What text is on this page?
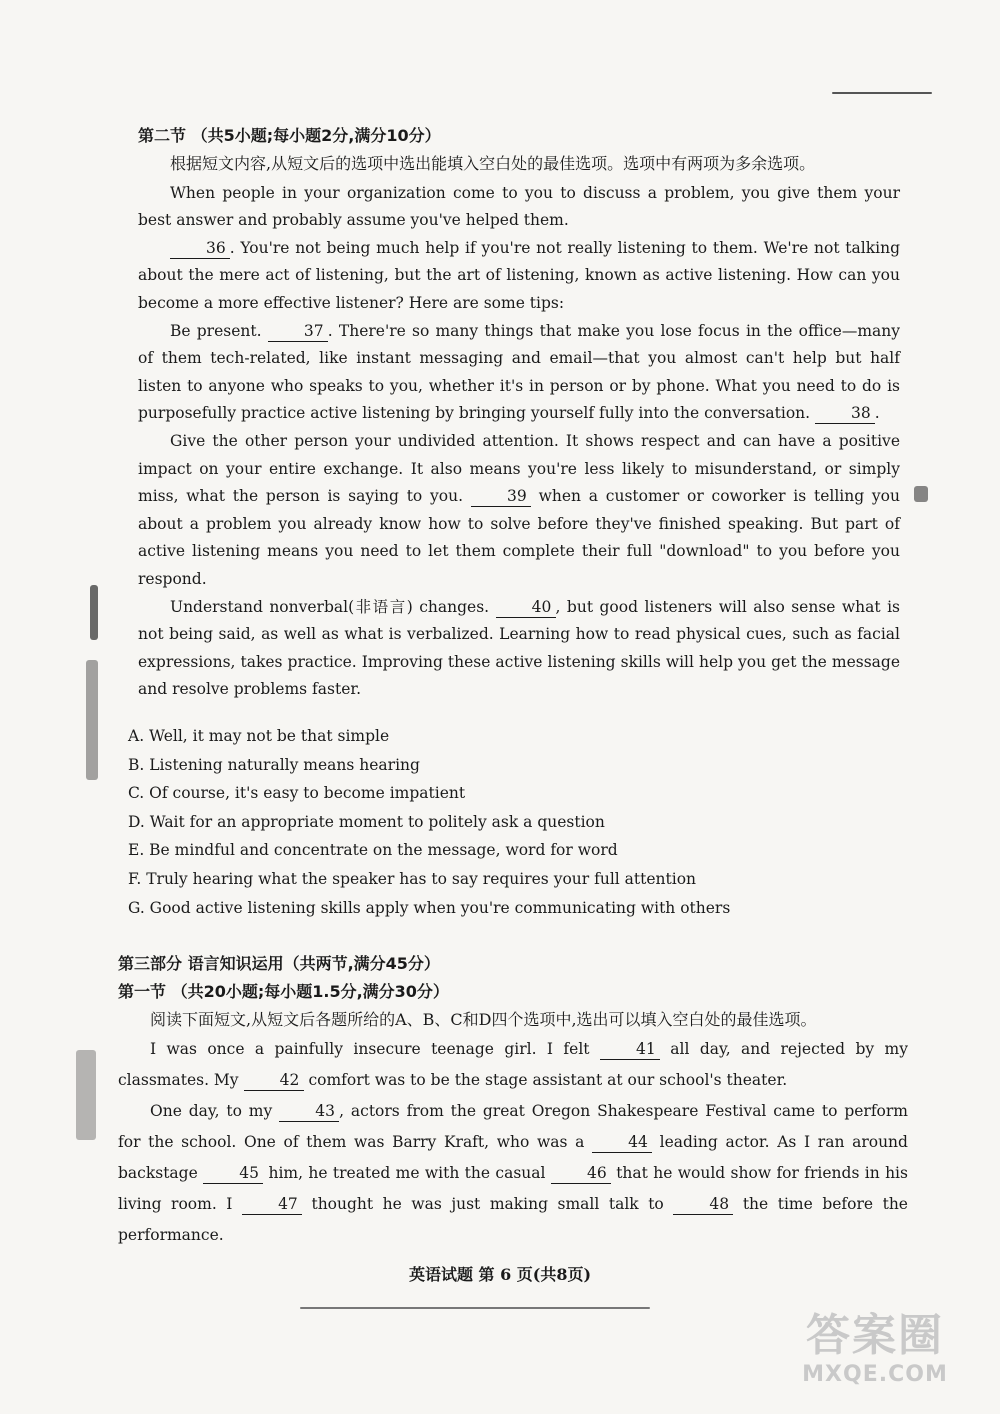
第二节 （共5小题;每小题2分,满分10分）

根据短文内容,从短文后的选项中选出能填入空白处的最佳选项。选项中有两项为多余选项。

When people in your organization come to you to discuss a problem, you give them your best answer and probably assume you've helped them.

36 . You're not being much help if you're not really listening to them. We're not talking about the mere act of listening, but the art of listening, known as active listening. How can you become a more effective listener? Here are some tips:

Be present.	37 . There're so many things that make you lose focus in the office—many of them tech-related, like instant messaging and email—that you almost can't help but half listen to anyone who speaks to you, whether it's in person or by phone. What you need to do is purposefully practice active listening by bringing yourself fully into the conversation.	38 .

Give the other person your undivided attention. It shows respect and can have a positive impact on your entire exchange. It also means you're less likely to misunderstand, or simply miss, what the person is saying to you.	39 when a customer or coworker is telling you about a problem you already know how to solve before they've finished speaking. But part of active listening means you need to let them complete their full "download" to you before you respond.

Understand nonverbal(非语言) changes.	40 , but good listeners will also sense what is not being said, as well as what is verbalized. Learning how to read physical cues, such as facial expressions, takes practice. Improving these active listening skills will help you get the message and resolve problems faster.

A. Well, it may not be that simple
B. Listening naturally means hearing
C. Of course, it's easy to become impatient
D. Wait for an appropriate moment to politely ask a question
E. Be mindful and concentrate on the message, word for word
F. Truly hearing what the speaker has to say requires your full attention
G. Good active listening skills apply when you're communicating with others
第三部分 语言知识运用（共两节,满分45分）
第一节 （共20小题;每小题1.5分,满分30分）

阅读下面短文,从短文后各题所给的A、B、C和D四个选项中,选出可以填入空白处的最佳选项。

I was once a painfully insecure teenage girl. I felt	41 all day, and rejected by my classmates. My	42 comfort was to be the stage assistant at our school's theater.

One day, to my	43 , actors from the great Oregon Shakespeare Festival came to perform for the school. One of them was Barry Kraft, who was a	44 leading actor. As I ran around backstage	45 him, he treated me with the casual	46 that he would show for friends in his living room. I	47 thought he was just making small talk to	48 the time before the performance.

英语试题 第 6 页(共8页)
答案圈
MXQE.COM
